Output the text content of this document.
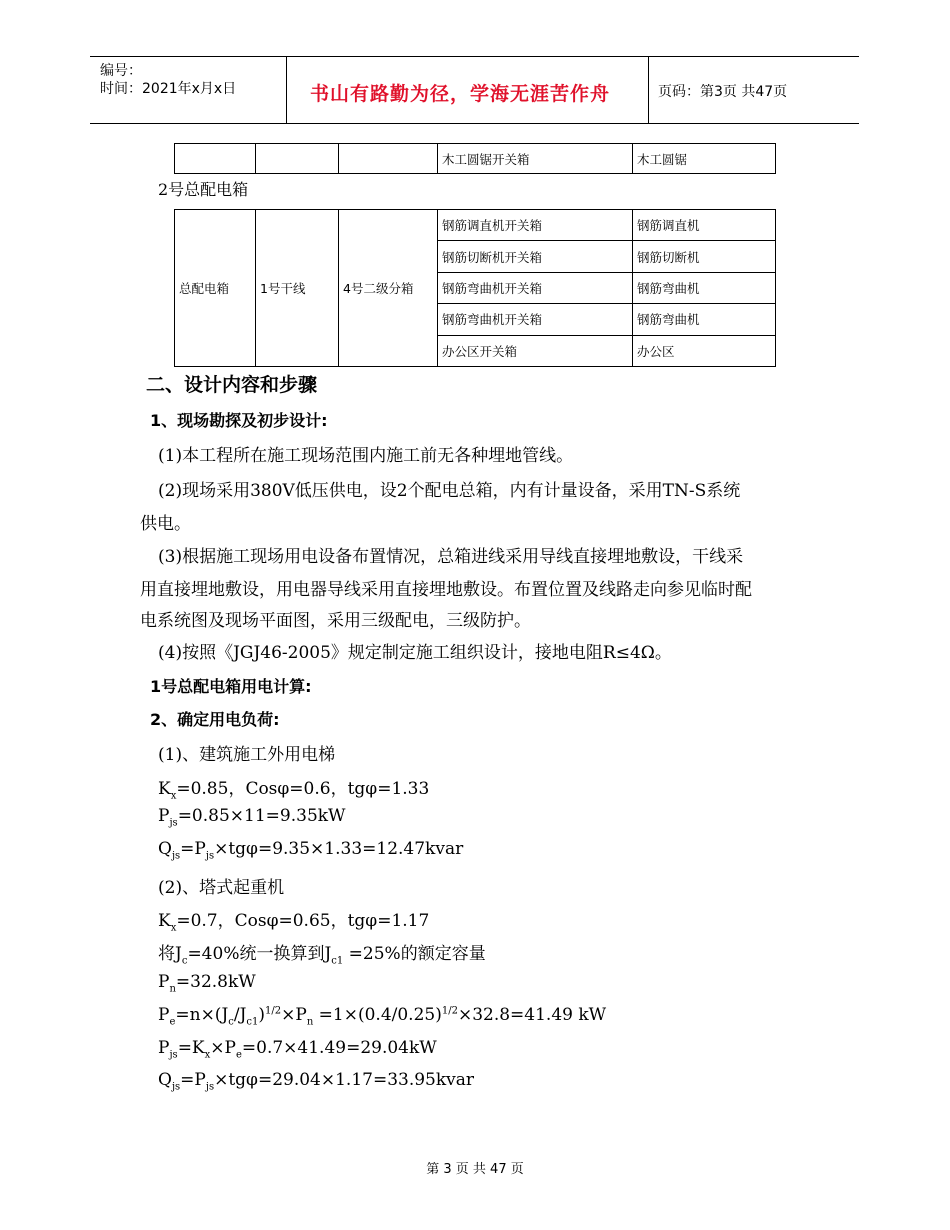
编号：
时间：2021年x月x日	书山有路勤为径，学海无涯苦作舟	页码：第3页 共47页
			木工圆锯开关箱	木工圆锯
2号总配电箱
总配电箱	1号干线	4号二级分箱	钢筋调直机开关箱	钢筋调直机
			钢筋切断机开关箱	钢筋切断机
			钢筋弯曲机开关箱	钢筋弯曲机
			钢筋弯曲机开关箱	钢筋弯曲机
			办公区开关箱	办公区
二、设计内容和步骤
1、现场勘探及初步设计:
(1)本工程所在施工现场范围内施工前无各种埋地管线。
(2)现场采用380V低压供电，设2个配电总箱，内有计量设备，采用TN-S系统
供电。
(3)根据施工现场用电设备布置情况，总箱进线采用导线直接埋地敷设，干线采
用直接埋地敷设，用电器导线采用直接埋地敷设。布置位置及线路走向参见临时配
电系统图及现场平面图，采用三级配电，三级防护。
(4)按照《JGJ46-2005》规定制定施工组织设计，接地电阻R≤4Ω。
1号总配电箱用电计算:
2、确定用电负荷:
(1)、建筑施工外用电梯
$K_x=0.85$，Cosφ=0.6，tgφ=1.33
$P_{js}=0.85\times 11=9.35kW$
$Q_{js}=P_{js}\times tg\varphi=9.35\times 1.33=12.47kvar$
(2)、塔式起重机
$K_x=0.7$，Cosφ=0.65，tgφ=1.17
将$J_c=40\%$统一换算到$J_{c1} =25\%$的额定容量
$P_n=32.8kW$
$P_e=n\times(J_c/J_{c1})^{1/2}\times P_n =1\times(0.4/0.25)^{1/2}\times 32.8=41.49$ kW
$P_{js}=K_x\times P_e=0.7\times 41.49=29.04kW$
$Q_{js}=P_{js}\times tg\varphi=29.04\times 1.17=33.95kvar$
第 3 页 共 47 页
